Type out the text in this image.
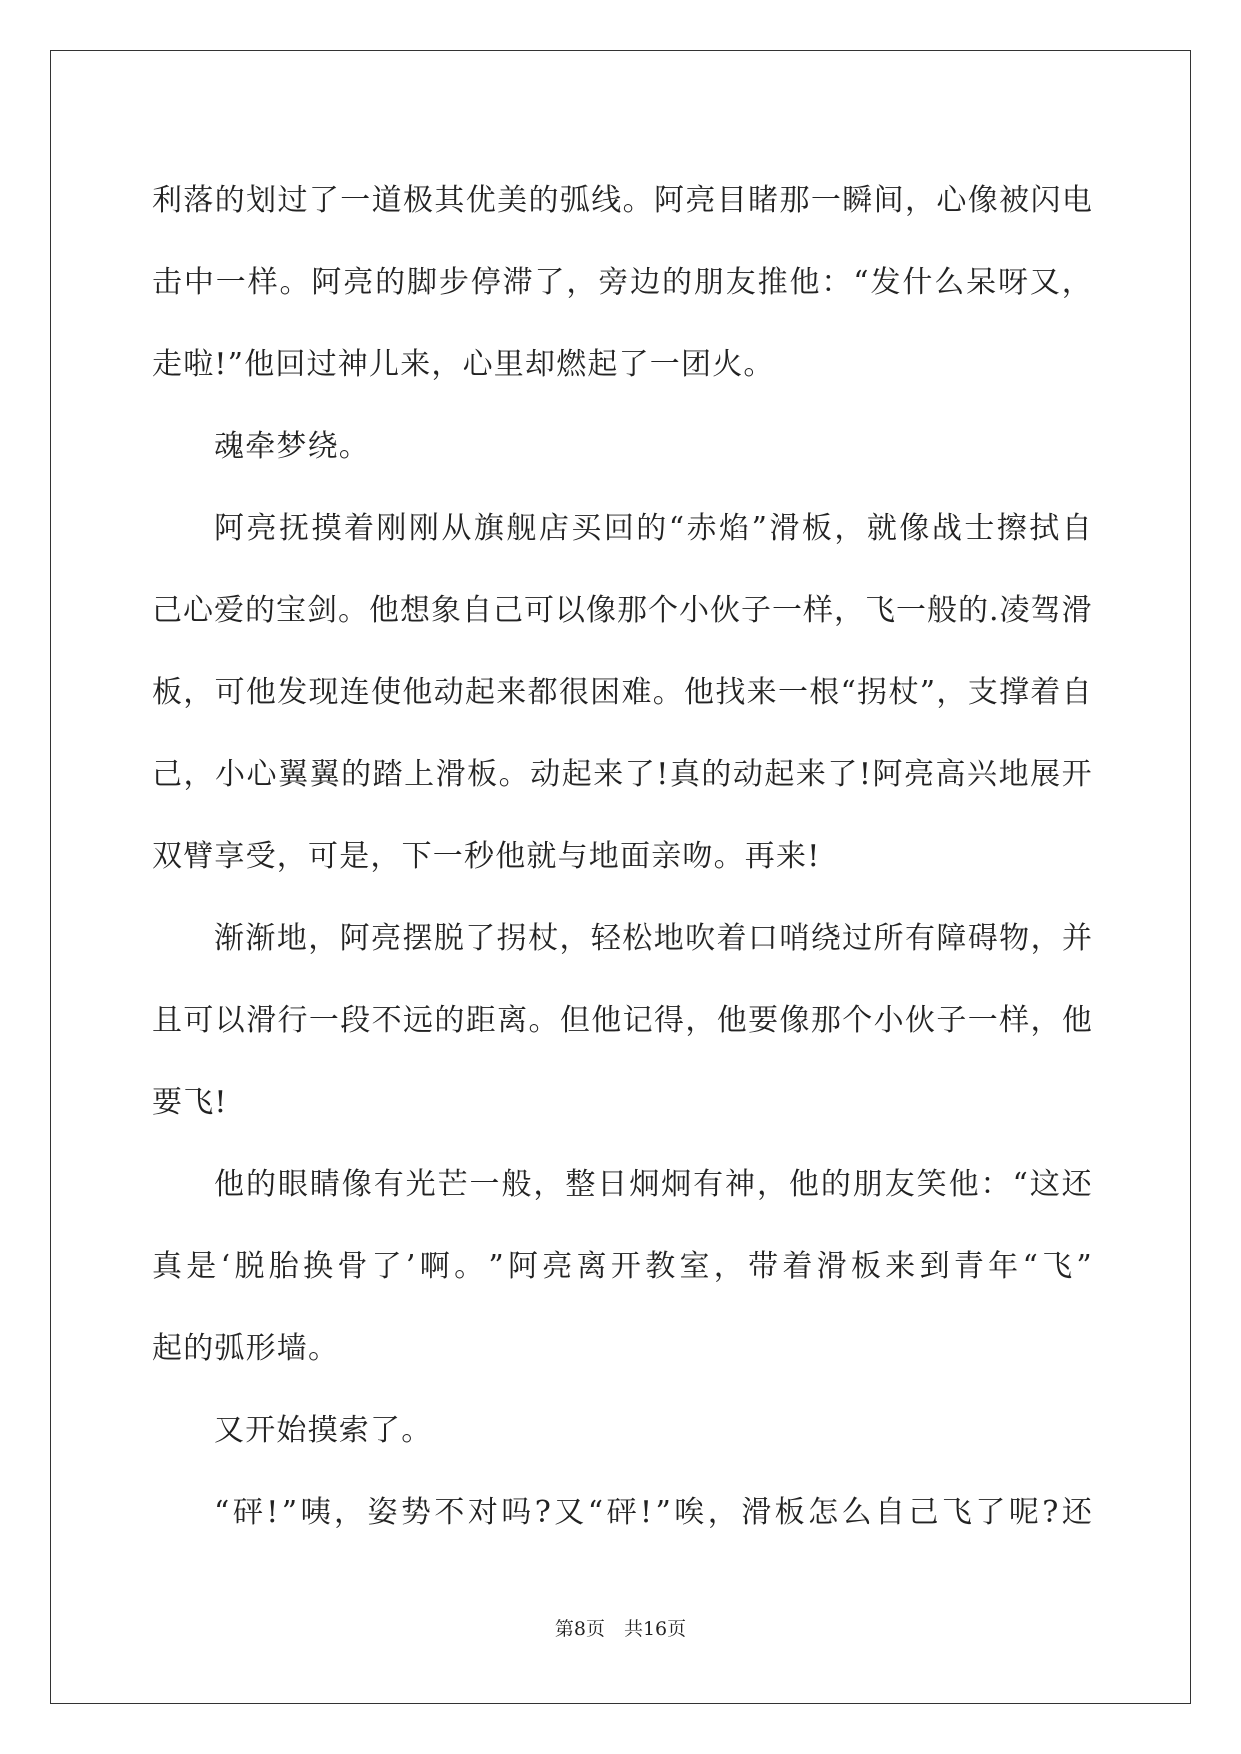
利 落 的 划 过 了 一 道 极 其 优 美 的 弧 线 。 阿 亮 目 睹 那 一 瞬 间 ， 心 像 被 闪 电

击 中 一 样 。 阿 亮 的 脚 步 停 滞 了 ， 旁 边 的 朋 友 推 他 ： “ 发 什 么 呆 呀 又 ，

走啦!”他回过神儿来，心里却燃起了一团火。

魂牵梦绕。

阿 亮 抚 摸 着 刚 刚 从 旗 舰 店 买 回 的 “ 赤 焰 ” 滑 板 ， 就 像 战 士 擦 拭 自

己 心 爱 的 宝 剑 。 他 想 象 自 己 可 以 像 那 个 小 伙 子 一 样 ， 飞 一 般 的 . 凌 驾 滑

板 ， 可 他 发 现 连 使 他 动 起 来 都 很 困 难 。 他 找 来 一 根 “ 拐 杖 ” ， 支 撑 着 自

己 ， 小 心 翼 翼 的 踏 上 滑 板 。 动 起 来 了 ! 真 的 动 起 来 了 ! 阿 亮 高 兴 地 展 开

双臂享受，可是，下一秒他就与地面亲吻。再来!

渐 渐 地 ， 阿 亮 摆 脱 了 拐 杖 ， 轻 松 地 吹 着 口 哨 绕 过 所 有 障 碍 物 ， 并

且 可 以 滑 行 一 段 不 远 的 距 离 。 但 他 记 得 ， 他 要 像 那 个 小 伙 子 一 样 ， 他

要飞!

他 的 眼 睛 像 有 光 芒 一 般 ， 整 日 炯 炯 有 神 ， 他 的 朋 友 笑 他 ： “ 这 还

真 是 ‘ 脱 胎 换 骨 了 ’ 啊 。 ” 阿 亮 离 开 教 室 ， 带 着 滑 板 来 到 青 年 “ 飞 ”

起的弧形墙。

又开始摸索了。

“ 砰 ! ” 咦 ， 姿 势 不 对 吗 ? 又 “ 砰 ! ” 唉 ， 滑 板 怎 么 自 己 飞 了 呢 ? 还

第8页　共16页
